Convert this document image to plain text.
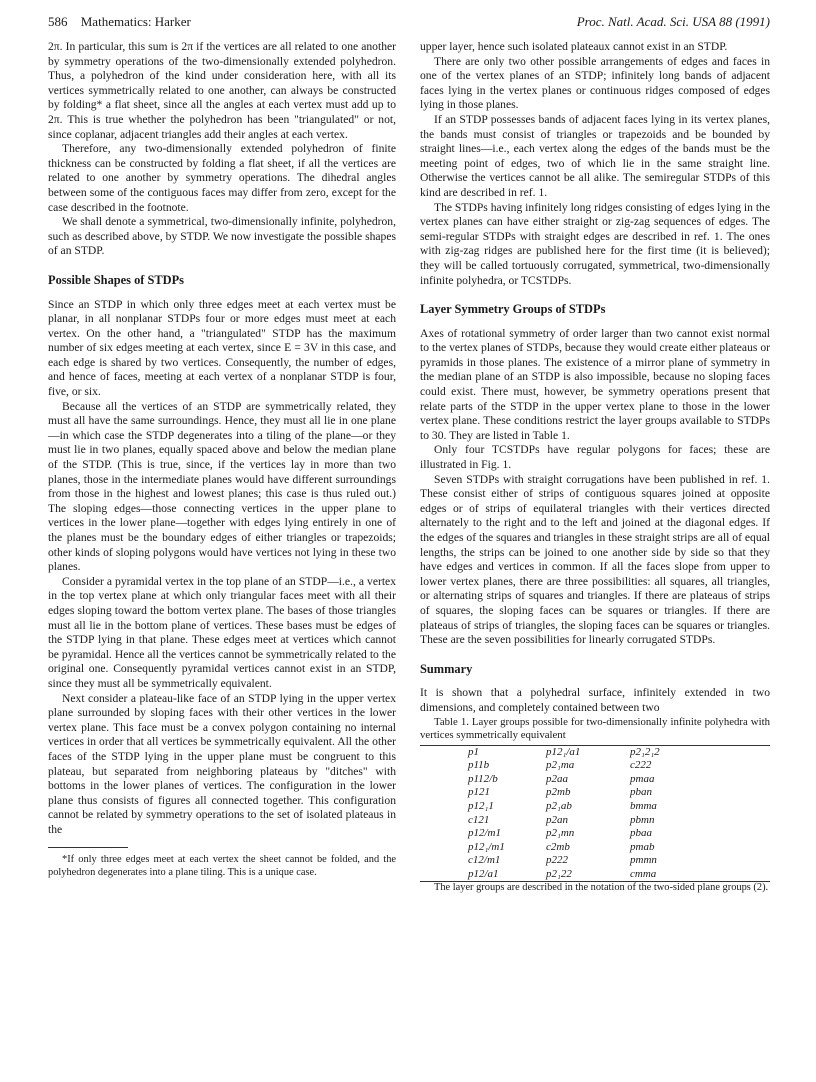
586 Mathematics: Harker	Proc. Natl. Acad. Sci. USA 88 (1991)

2π. In particular, this sum is 2π if the vertices are all related to one another by symmetry operations of the two-dimensionally extended polyhedron. Thus, a polyhedron of the kind under consideration here, with all its vertices symmetrically related to one another, can always be constructed by folding* a flat sheet, since all the angles at each vertex must add up to 2π. This is true whether the polyhedron has been "triangulated" or not, since coplanar, adjacent triangles add their angles at each vertex.

Therefore, any two-dimensionally extended polyhedron of finite thickness can be constructed by folding a flat sheet, if all the vertices are related to one another by symmetry operations. The dihedral angles between some of the contiguous faces may differ from zero, except for the case described in the footnote.

We shall denote a symmetrical, two-dimensionally infinite, polyhedron, such as described above, by STDP. We now investigate the possible shapes of an STDP.

Possible Shapes of STDPs

Since an STDP in which only three edges meet at each vertex must be planar, in all nonplanar STDPs four or more edges must meet at each vertex. On the other hand, a "triangulated" STDP has the maximum number of six edges meeting at each vertex, since E = 3V in this case, and each edge is shared by two vertices. Consequently, the number of edges, and hence of faces, meeting at each vertex of a nonplanar STDP is four, five, or six.

Because all the vertices of an STDP are symmetrically related, they must all have the same surroundings. Hence, they must all lie in one plane—in which case the STDP degenerates into a tiling of the plane—or they must lie in two planes, equally spaced above and below the median plane of the STDP. (This is true, since, if the vertices lay in more than two planes, those in the intermediate planes would have different surroundings from those in the highest and lowest planes; this case is thus ruled out.) The sloping edges—those connecting vertices in the upper plane to vertices in the lower plane—together with edges lying entirely in one of the planes must be the boundary edges of either triangles or trapezoids; other kinds of sloping polygons would have vertices not lying in these two planes.

Consider a pyramidal vertex in the top plane of an STDP—i.e., a vertex in the top vertex plane at which only triangular faces meet with all their edges sloping toward the bottom vertex plane. The bases of those triangles must all lie in the bottom plane of vertices. These bases must be edges of the STDP lying in that plane. These edges meet at vertices which cannot be pyramidal. Hence all the vertices cannot be symmetrically related to the original one. Consequently pyramidal vertices cannot exist in an STDP, since they must all be symmetrically equivalent.

Next consider a plateau-like face of an STDP lying in the upper vertex plane surrounded by sloping faces with their other vertices in the lower vertex plane. This face must be a convex polygon containing no internal vertices in order that all vertices be symmetrically equivalent. All the other faces of the STDP lying in the upper plane must be congruent to this plateau, but separated from neighboring plateaus by "ditches" with bottoms in the lower planes of vertices. The configuration in the lower plane thus consists of figures all connected together. This configuration cannot be related by symmetry operations to the set of isolated plateaus in the

*If only three edges meet at each vertex the sheet cannot be folded, and the polyhedron degenerates into a plane tiling. This is a unique case.

upper layer, hence such isolated plateaux cannot exist in an STDP.

There are only two other possible arrangements of edges and faces in one of the vertex planes of an STDP; infinitely long bands of adjacent faces lying in the vertex planes or continuous ridges composed of edges lying in those planes.

If an STDP possesses bands of adjacent faces lying in its vertex planes, the bands must consist of triangles or trapezoids and be bounded by straight lines—i.e., each vertex along the edges of the bands must be the meeting point of edges, two of which lie in the same straight line. Otherwise the vertices cannot be all alike. The semiregular STDPs of this kind are described in ref. 1.

The STDPs having infinitely long ridges consisting of edges lying in the vertex planes can have either straight or zig-zag sequences of edges. The semi-regular STDPs with straight edges are described in ref. 1. The ones with zig-zag ridges are published here for the first time (it is believed); they will be called tortuously corrugated, symmetrical, two-dimensionally infinite polyhedra, or TCSTDPs.

Layer Symmetry Groups of STDPs

Axes of rotational symmetry of order larger than two cannot exist normal to the vertex planes of STDPs, because they would create either plateaus or pyramids in those planes. The existence of a mirror plane of symmetry in the median plane of an STDP is also impossible, because no sloping faces could exist. There must, however, be symmetry operations present that relate parts of the STDP in the upper vertex plane to those in the lower vertex plane. These conditions restrict the layer groups available to STDPs to 30. They are listed in Table 1.

Only four TCSTDPs have regular polygons for faces; these are illustrated in Fig. 1.

Seven STDPs with straight corrugations have been published in ref. 1. These consist either of strips of contiguous squares joined at opposite edges or of strips of equilateral triangles with their vertices directed alternately to the right and to the left and joined at the diagonal edges. If the edges of the squares and triangles in these straight strips are all of equal lengths, the strips can be joined to one another side by side so that they have edges and vertices in common. If all the faces slope from upper to lower vertex planes, there are three possibilities: all squares, all triangles, or alternating strips of squares and triangles. If there are plateaus of strips of squares, the sloping faces can be squares or triangles. If there are plateaus of strips of triangles, the sloping faces can be squares or triangles. These are the seven possibilities for linearly corrugated STDPs.

Summary

It is shown that a polyhedral surface, infinitely extended in two dimensions, and completely contained between two

Table 1. Layer groups possible for two-dimensionally infinite polyhedra with vertices symmetrically equivalent

p1	p12₁/a1	p2₁2₁2
p11b	p2₁ma	c222
p112/b	p2aa	pmaa
p121	p2mb	pban
p12₁1	p2₁ab	bmma
c121	p2an	pbmn
p12/m1	p2₁mn	pbaa
p12₁/m1	c2mb	pmab
c12/m1	p222	pmmn
p12/a1	p2₁22	cmma

The layer groups are described in the notation of the two-sided plane groups (2).
